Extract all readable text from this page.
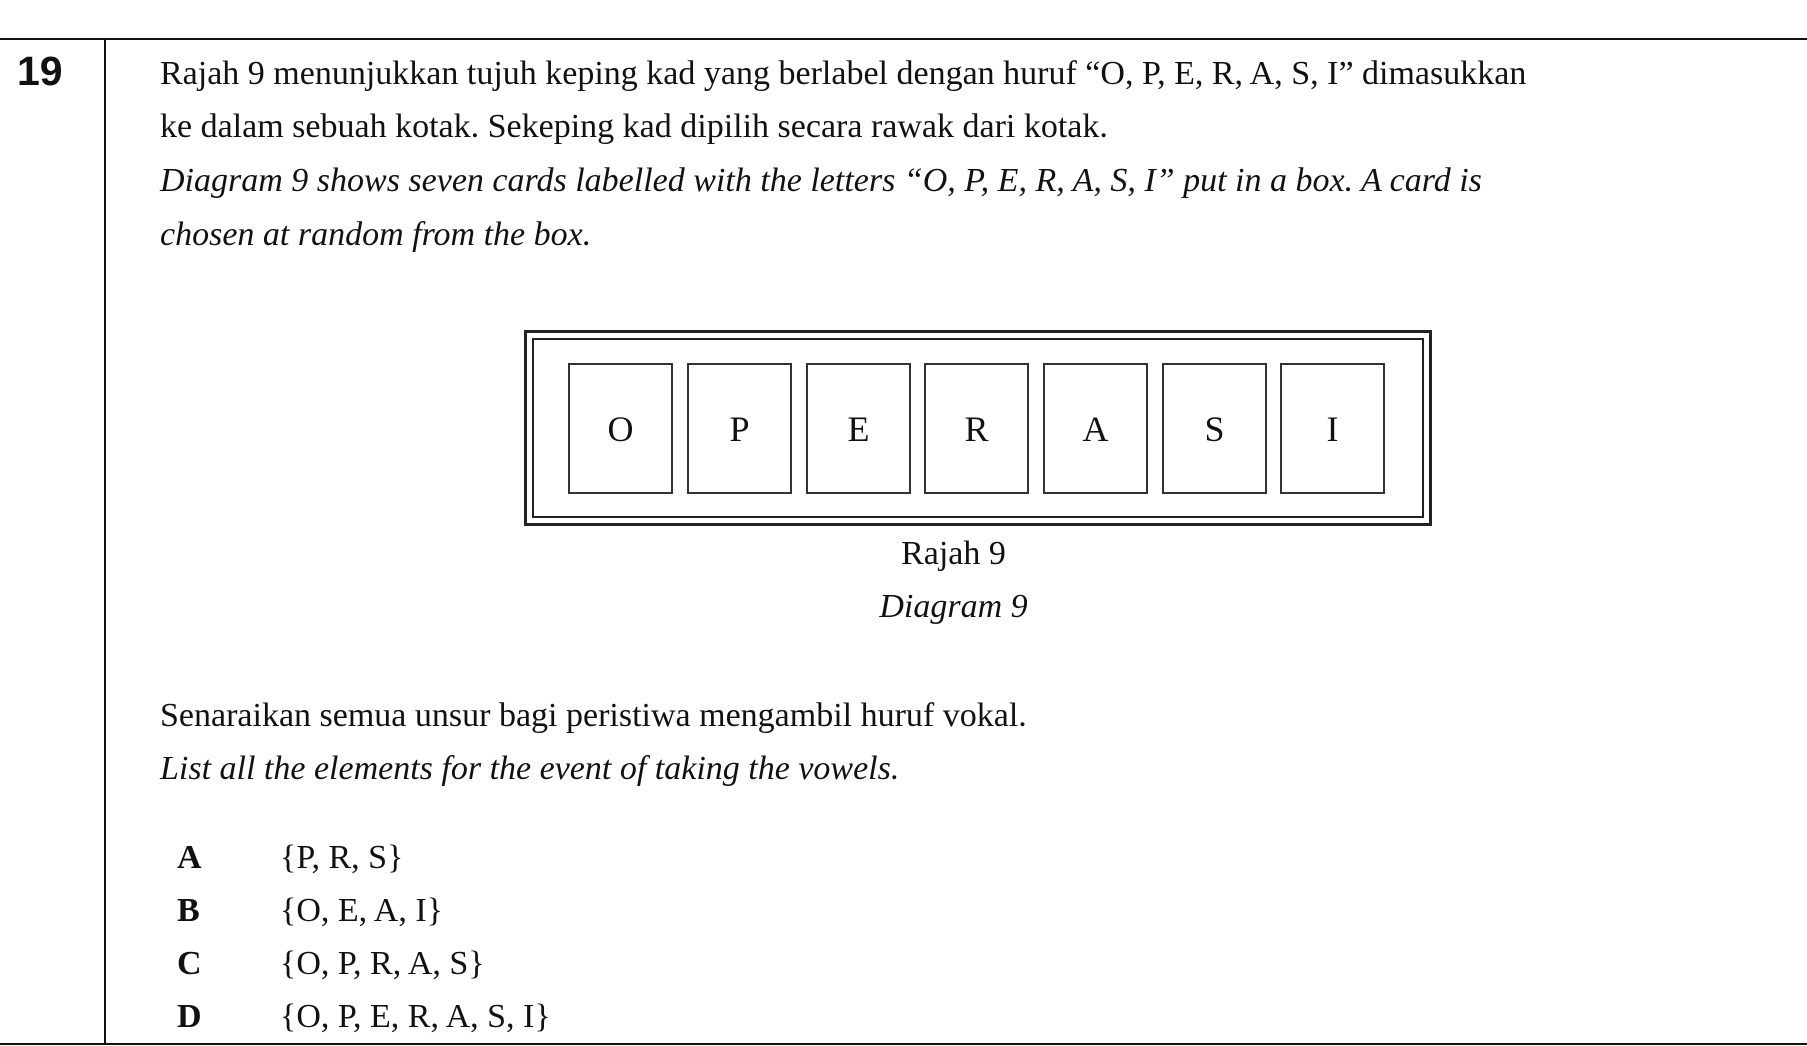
19	Rajah 9 menunjukkan tujuh keping kad yang berlabel dengan huruf “O, P, E, R, A, S, I” dimasukkan
ke dalam sebuah kotak. Sekeping kad dipilih secara rawak dari kotak.
Diagram 9 shows seven cards labelled with the letters “O, P, E, R, A, S, I” put in a box. A card is
chosen at random from the box.
O	P	E	R	A	S	I
Rajah 9
Diagram 9
Senaraikan semua unsur bagi peristiwa mengambil huruf vokal.
List all the elements for the event of taking the vowels.
A {P, R, S}
B {O, E, A, I}
C {O, P, R, A, S}
D {O, P, E, R, A, S, I}
